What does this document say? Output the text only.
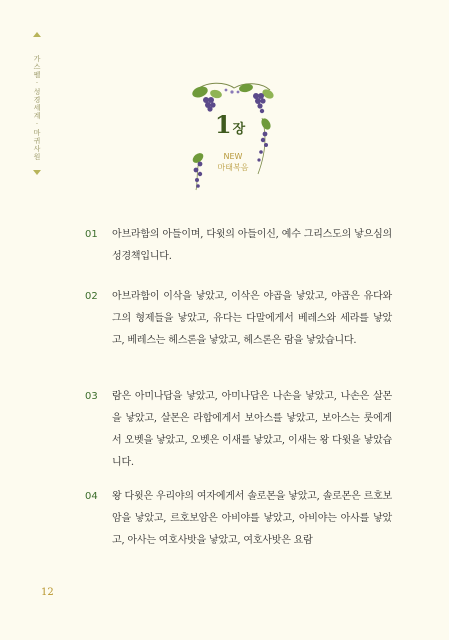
가스펠·성경세계·마귀사원	1장
NEW
마태복음
01 아브라함의 아들이며, 다윗의 아들이신, 예수 그리스도의 낳으심의 성경책입니다.
02 아브라함이 이삭을 낳았고, 이삭은 야곱을 낳았고, 야곱은 유다와 그의 형제들을 낳았고, 유다는 다말에게서 베레스와 세라를 낳았고, 베레스는 헤스론을 낳았고, 헤스론은 람을 낳았습니다.
03 람은 아미나답을 낳았고, 아미나답은 나손을 낳았고, 나손은 살몬을 낳았고, 살몬은 라합에게서 보아스를 낳았고, 보아스는 룻에게서 오벳을 낳았고, 오벳은 이새를 낳았고, 이새는 왕 다윗을 낳았습니다.
04 왕 다윗은 우리야의 여자에게서 솔로몬을 낳았고, 솔로몬은 르호보암을 낳았고, 르호보암은 아비야를 낳았고, 아비야는 아사를 낳았고, 아사는 여호사밧을 낳았고, 여호사밧은 요람
12
